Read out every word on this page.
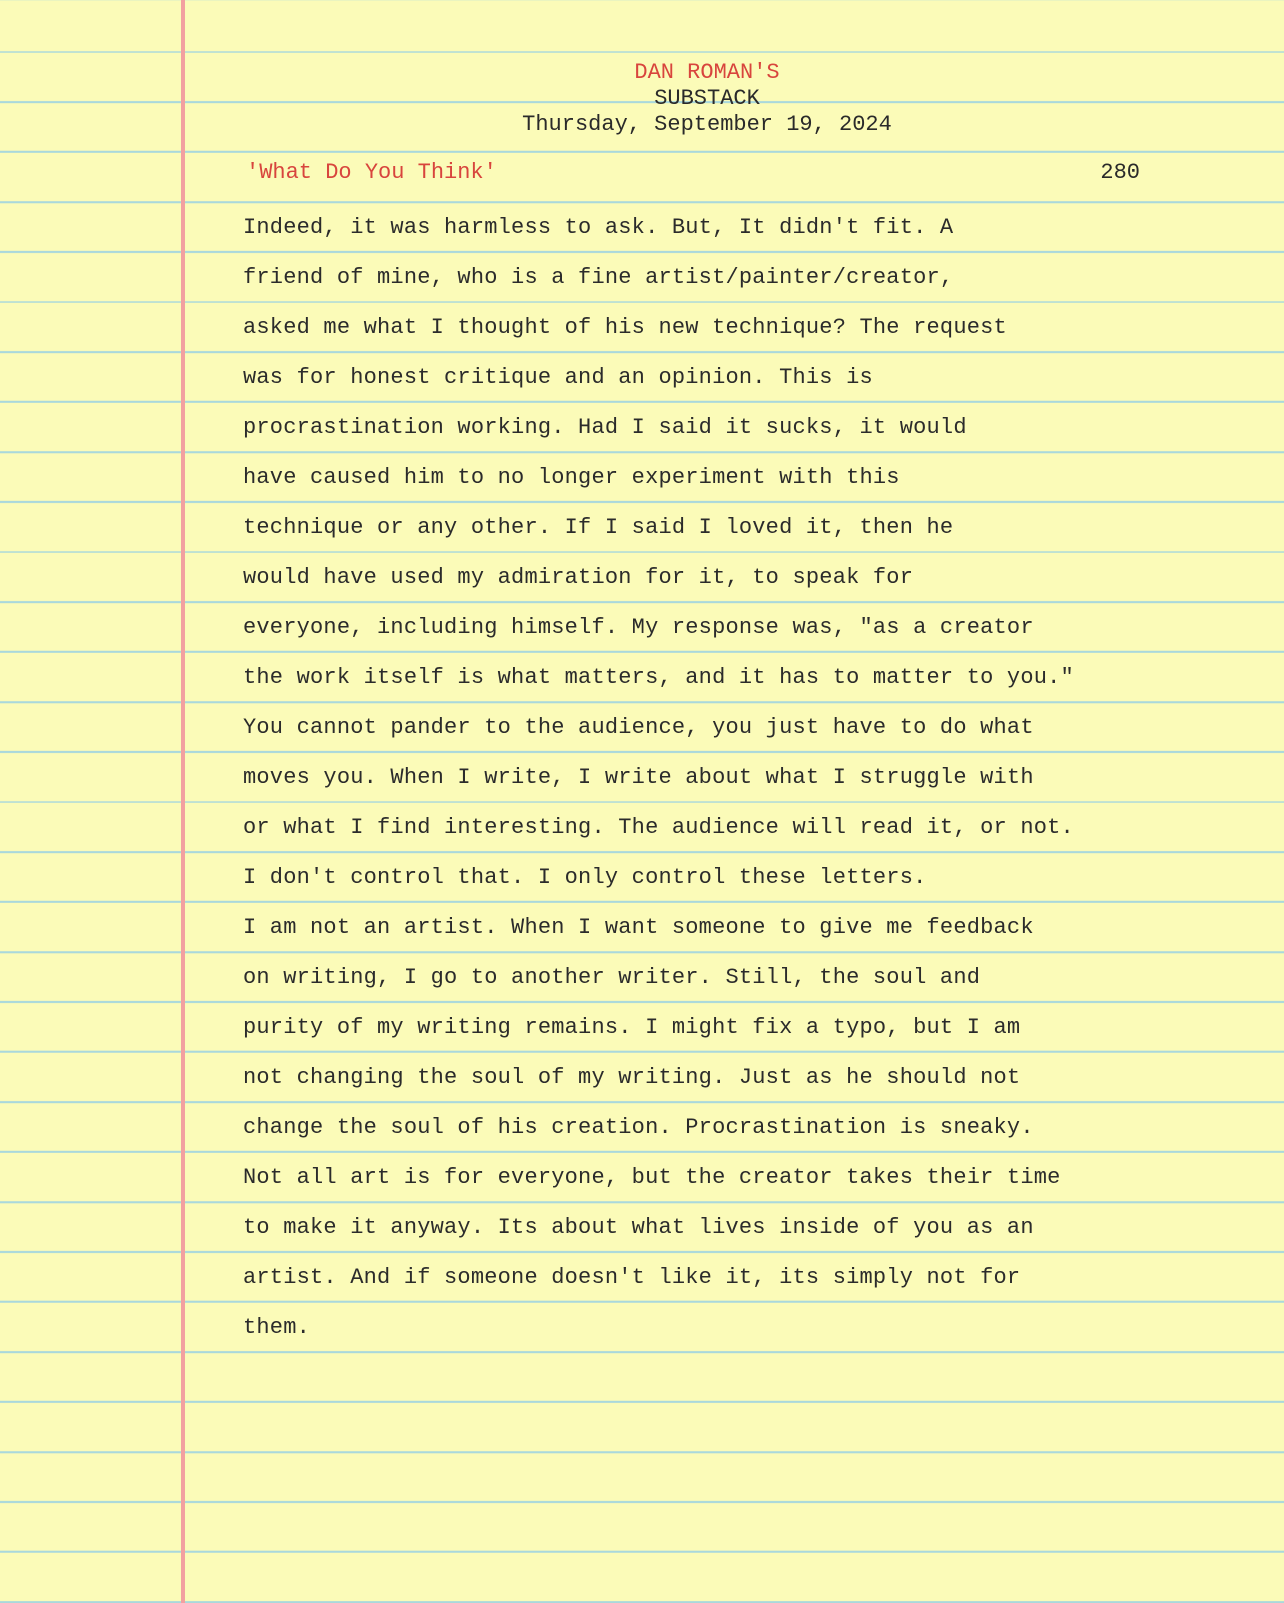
DAN ROMAN'S
SUBSTACK
Thursday, September 19, 2024
'What Do You Think'	280
Indeed, it was harmless to ask. But, It didn't fit. A
friend of mine, who is a fine artist/painter/creator,
asked me what I thought of his new technique? The request
was for honest critique and an opinion. This is
procrastination working. Had I said it sucks, it would
have caused him to no longer experiment with this
technique or any other. If I said I loved it, then he
would have used my admiration for it, to speak for
everyone, including himself. My response was, "as a creator
the work itself is what matters, and it has to matter to you."
You cannot pander to the audience, you just have to do what
moves you. When I write, I write about what I struggle with
or what I find interesting. The audience will read it, or not.
I don't control that. I only control these letters.
I am not an artist. When I want someone to give me feedback
on writing, I go to another writer. Still, the soul and
purity of my writing remains. I might fix a typo, but I am
not changing the soul of my writing. Just as he should not
change the soul of his creation. Procrastination is sneaky.
Not all art is for everyone, but the creator takes their time
to make it anyway. Its about what lives inside of you as an
artist. And if someone doesn't like it, its simply not for
them.
